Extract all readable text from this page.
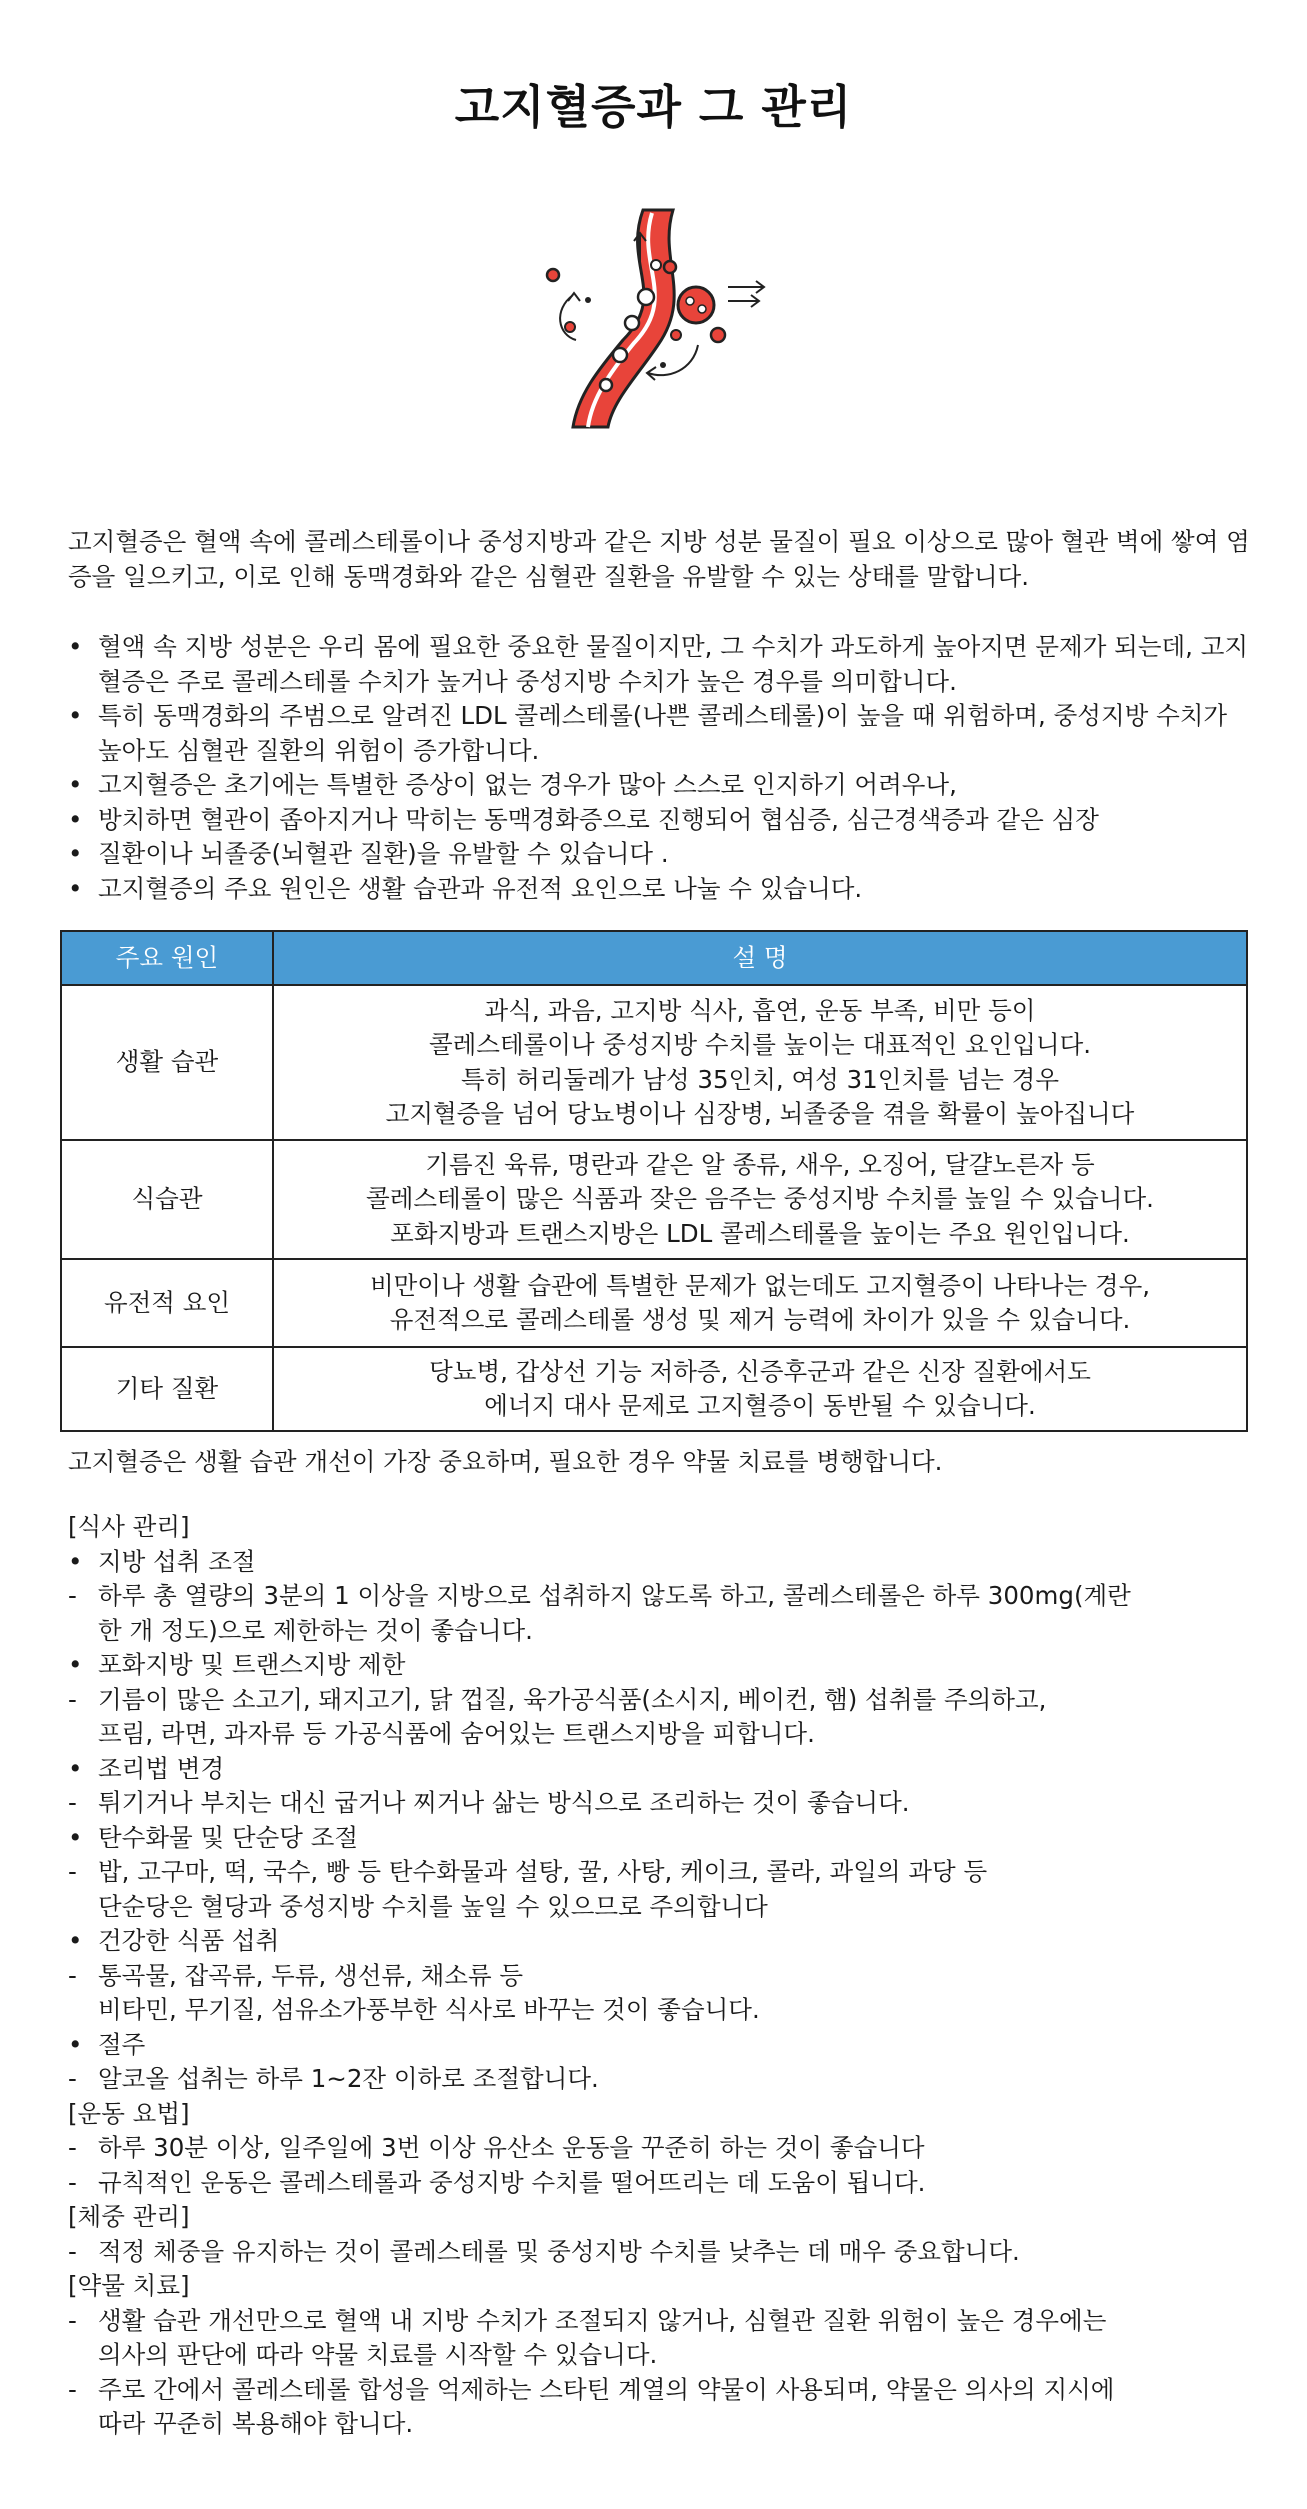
고지혈증과 그 관리

고지혈증은 혈액 속에 콜레스테롤이나 중성지방과 같은 지방 성분 물질이 필요 이상으로 많아 혈관 벽에 쌓여 염증을 일으키고, 이로 인해 동맥경화와 같은 심혈관 질환을 유발할 수 있는 상태를 말합니다.

• 혈액 속 지방 성분은 우리 몸에 필요한 중요한 물질이지만, 그 수치가 과도하게 높아지면 문제가 되는데, 고지혈증은 주로 콜레스테롤 수치가 높거나 중성지방 수치가 높은 경우를 의미합니다.
• 특히 동맥경화의 주범으로 알려진 LDL 콜레스테롤(나쁜 콜레스테롤)이 높을 때 위험하며, 중성지방 수치가 높아도 심혈관 질환의 위험이 증가합니다.
• 고지혈증은 초기에는 특별한 증상이 없는 경우가 많아 스스로 인지하기 어려우나,
• 방치하면 혈관이 좁아지거나 막히는 동맥경화증으로 진행되어 협심증, 심근경색증과 같은 심장
• 질환이나 뇌졸중(뇌혈관 질환)을 유발할 수 있습니다 .
• 고지혈증의 주요 원인은 생활 습관과 유전적 요인으로 나눌 수 있습니다.
주요 원인	설 명
생활 습관	과식, 과음, 고지방 식사, 흡연, 운동 부족, 비만 등이
콜레스테롤이나 중성지방 수치를 높이는 대표적인 요인입니다.
특히 허리둘레가 남성 35인치, 여성 31인치를 넘는 경우
고지혈증을 넘어 당뇨병이나 심장병, 뇌졸중을 겪을 확률이 높아집니다

식습관	기름진 육류, 명란과 같은 알 종류, 새우, 오징어, 달걀노른자 등
콜레스테롤이 많은 식품과 잦은 음주는 중성지방 수치를 높일 수 있습니다.
포화지방과 트랜스지방은 LDL 콜레스테롤을 높이는 주요 원인입니다.

유전적 요인	비만이나 생활 습관에 특별한 문제가 없는데도 고지혈증이 나타나는 경우,
유전적으로 콜레스테롤 생성 및 제거 능력에 차이가 있을 수 있습니다.

기타 질환	당뇨병, 갑상선 기능 저하증, 신증후군과 같은 신장 질환에서도
에너지 대사 문제로 고지혈증이 동반될 수 있습니다.
고지혈증은 생활 습관 개선이 가장 중요하며, 필요한 경우 약물 치료를 병행합니다.
[식사 관리]
• 지방 섭취 조절
- 하루 총 열량의 3분의 1 이상을 지방으로 섭취하지 않도록 하고, 콜레스테롤은 하루 300mg(계란
한 개 정도)으로 제한하는 것이 좋습니다.
• 포화지방 및 트랜스지방 제한
- 기름이 많은 소고기, 돼지고기, 닭 껍질, 육가공식품(소시지, 베이컨, 햄) 섭취를 주의하고,
프림, 라면, 과자류 등 가공식품에 숨어있는 트랜스지방을 피합니다.
• 조리법 변경
- 튀기거나 부치는 대신 굽거나 찌거나 삶는 방식으로 조리하는 것이 좋습니다.
• 탄수화물 및 단순당 조절
- 밥, 고구마, 떡, 국수, 빵 등 탄수화물과 설탕, 꿀, 사탕, 케이크, 콜라, 과일의 과당 등
단순당은 혈당과 중성지방 수치를 높일 수 있으므로 주의합니다
• 건강한 식품 섭취
- 통곡물, 잡곡류, 두류, 생선류, 채소류 등
비타민, 무기질, 섬유소가풍부한 식사로 바꾸는 것이 좋습니다.
• 절주
- 알코올 섭취는 하루 1~2잔 이하로 조절합니다.
[운동 요법]
- 하루 30분 이상, 일주일에 3번 이상 유산소 운동을 꾸준히 하는 것이 좋습니다
- 규칙적인 운동은 콜레스테롤과 중성지방 수치를 떨어뜨리는 데 도움이 됩니다.
[체중 관리]
- 적정 체중을 유지하는 것이 콜레스테롤 및 중성지방 수치를 낮추는 데 매우 중요합니다.
[약물 치료]
- 생활 습관 개선만으로 혈액 내 지방 수치가 조절되지 않거나, 심혈관 질환 위험이 높은 경우에는
의사의 판단에 따라 약물 치료를 시작할 수 있습니다.
- 주로 간에서 콜레스테롤 합성을 억제하는 스타틴 계열의 약물이 사용되며, 약물은 의사의 지시에
따라 꾸준히 복용해야 합니다.
